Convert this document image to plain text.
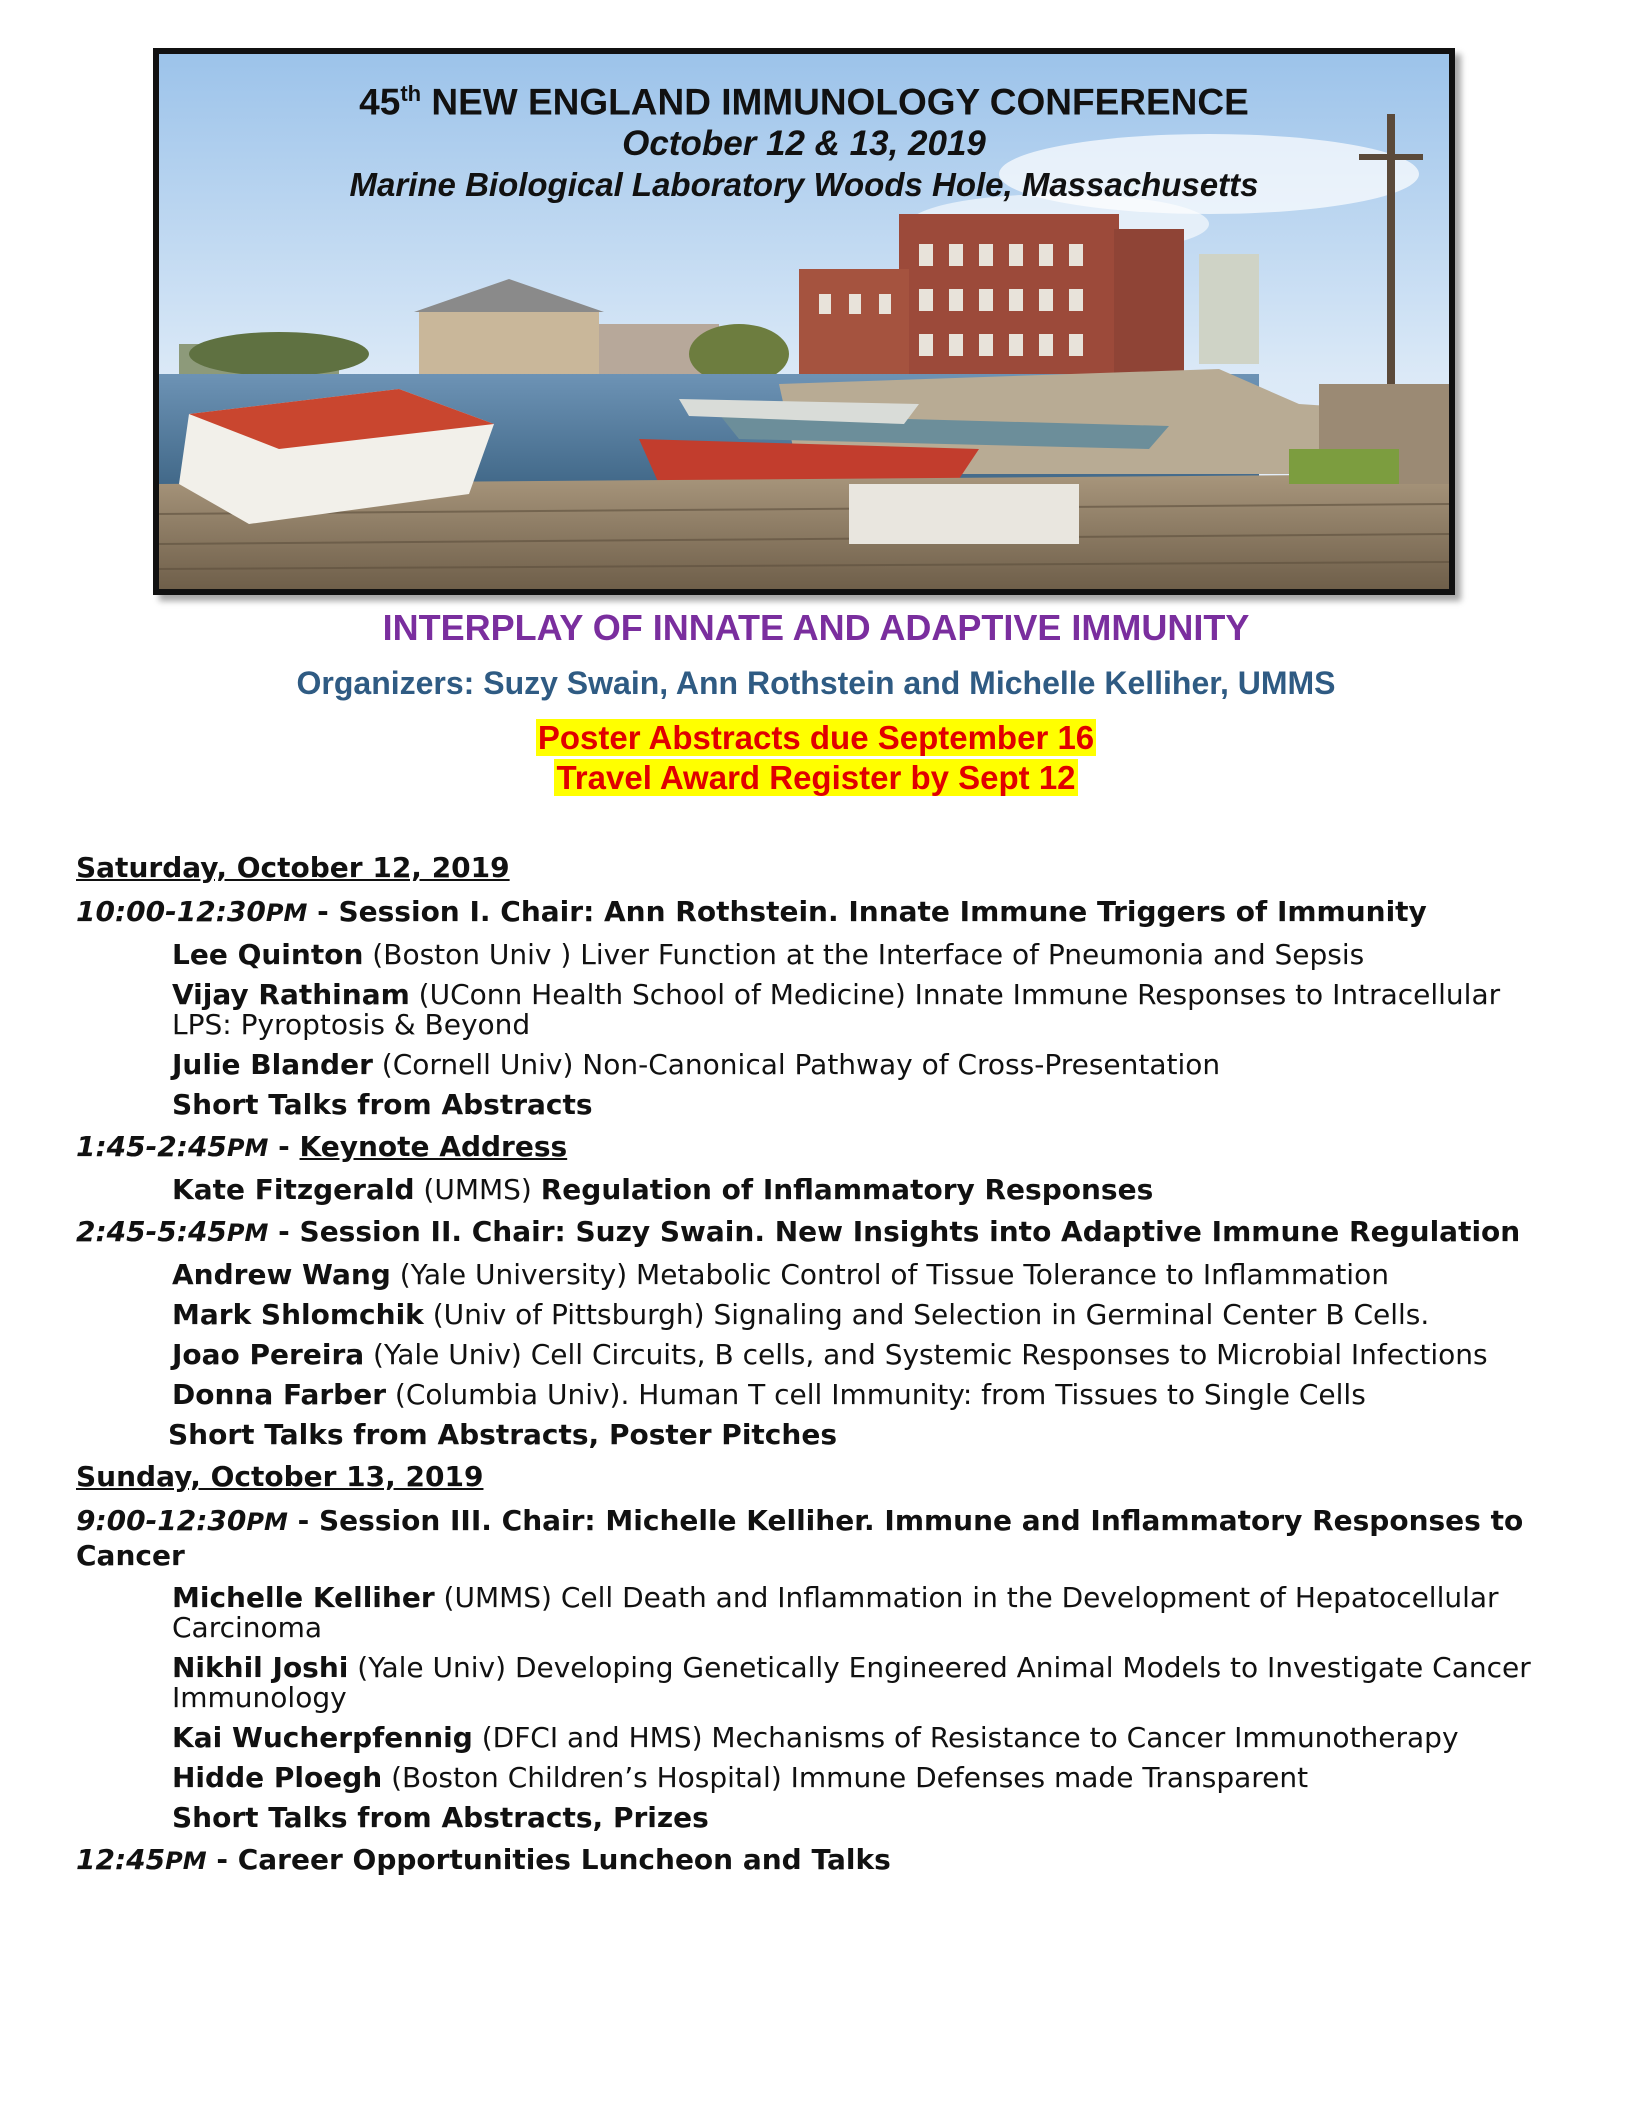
45th NEW ENGLAND IMMUNOLOGY CONFERENCE
October 12 & 13, 2019
Marine Biological Laboratory Woods Hole, Massachusetts
INTERPLAY OF INNATE AND ADAPTIVE IMMUNITY
Organizers: Suzy Swain, Ann Rothstein and Michelle Kelliher, UMMS
Poster Abstracts due September 16
Travel Award Register by Sept 12
Saturday, October 12, 2019
10:00-12:30PM - Session I. Chair: Ann Rothstein. Innate Immune Triggers of Immunity
Lee Quinton (Boston Univ ) Liver Function at the Interface of Pneumonia and Sepsis
Vijay Rathinam (UConn Health School of Medicine) Innate Immune Responses to Intracellular LPS: Pyroptosis & Beyond
Julie Blander (Cornell Univ) Non-Canonical Pathway of Cross-Presentation
Short Talks from Abstracts
1:45-2:45PM - Keynote Address
Kate Fitzgerald (UMMS) Regulation of Inflammatory Responses
2:45-5:45PM - Session II. Chair: Suzy Swain. New Insights into Adaptive Immune Regulation
Andrew Wang (Yale University) Metabolic Control of Tissue Tolerance to Inflammation
Mark Shlomchik (Univ of Pittsburgh) Signaling and Selection in Germinal Center B Cells.
Joao Pereira (Yale Univ) Cell Circuits, B cells, and Systemic Responses to Microbial Infections
Donna Farber (Columbia Univ). Human T cell Immunity: from Tissues to Single Cells
Short Talks from Abstracts, Poster Pitches
Sunday, October 13, 2019
9:00-12:30PM - Session III. Chair: Michelle Kelliher. Immune and Inflammatory Responses to Cancer
Michelle Kelliher (UMMS) Cell Death and Inflammation in the Development of Hepatocellular Carcinoma
Nikhil Joshi (Yale Univ) Developing Genetically Engineered Animal Models to Investigate Cancer Immunology
Kai Wucherpfennig (DFCI and HMS) Mechanisms of Resistance to Cancer Immunotherapy
Hidde Ploegh (Boston Children’s Hospital) Immune Defenses made Transparent
Short Talks from Abstracts, Prizes
12:45PM - Career Opportunities Luncheon and Talks
